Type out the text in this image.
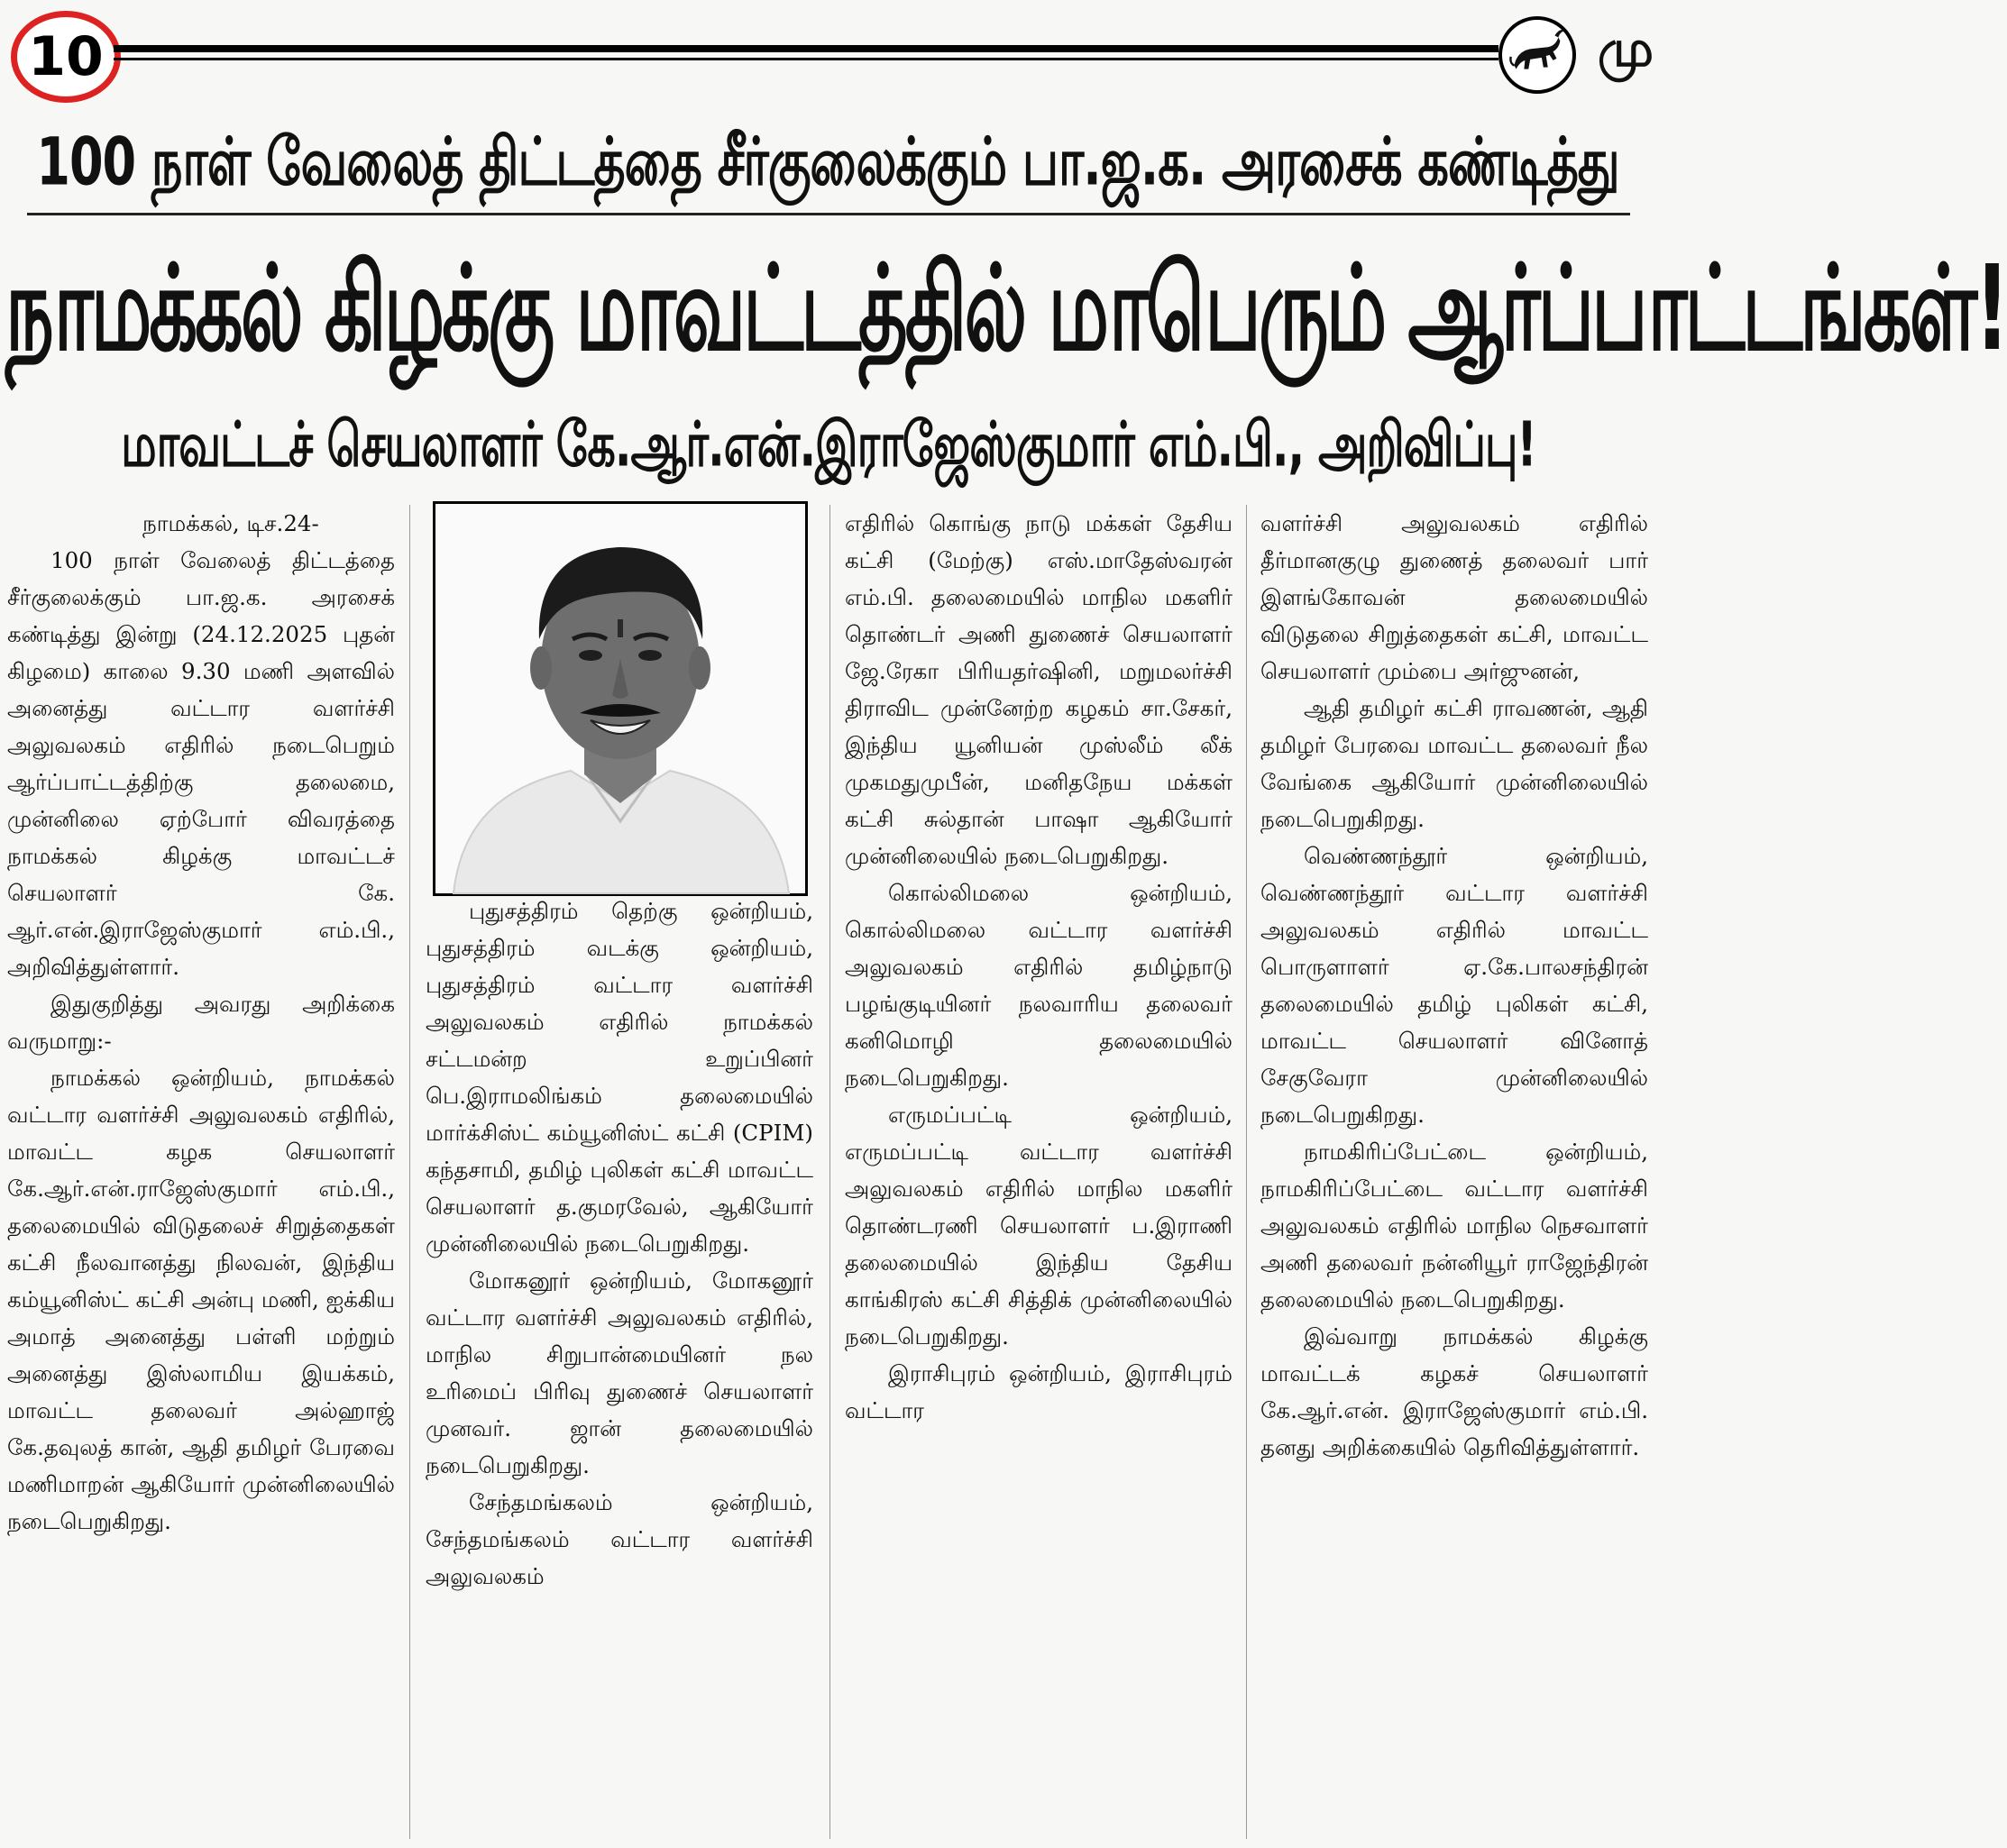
10	மு
100 நாள் வேலைத் திட்டத்தை சீர்குலைக்கும் பா.ஜ.க. அரசைக் கண்டித்து
நாமக்கல் கிழக்கு மாவட்டத்தில் மாபெரும் ஆர்ப்பாட்டங்கள்!
மாவட்டச் செயலாளர் கே.ஆர்.என்.இராஜேஸ்குமார் எம்.பி., அறிவிப்பு!

நாமக்கல், டிச.24-

100 நாள் வேலைத் திட்டத்தை சீர்குலைக்கும் பா.ஜ.க. அரசைக் கண்டித்து இன்று (24.12.2025 புதன் கிழமை) காலை 9.30 மணி அளவில் அனைத்து வட்டார வளர்ச்சி அலுவலகம் எதிரில் நடைபெறும் ஆர்ப்பாட்டத்திற்கு தலைமை, முன்னிலை ஏற்போர் விவரத்தை நாமக்கல் கிழக்கு மாவட்டச் செயலாளர் கே. ஆர்.என்.இராஜேஸ்குமார் எம்.பி., அறிவித்துள்ளார்.

இதுகுறித்து அவரது அறிக்கை வருமாறு:-

நாமக்கல் ஒன்றியம், நாமக்கல் வட்டார வளர்ச்சி அலுவலகம் எதிரில், மாவட்ட கழக செயலாளர் கே.ஆர்.என்.ராஜேஸ்குமார் எம்.பி., தலைமையில் விடுதலைச் சிறுத்தைகள் கட்சி நீலவானத்து நிலவன், இந்திய கம்யூனிஸ்ட் கட்சி அன்பு மணி, ஐக்கிய அமாத் அனைத்து பள்ளி மற்றும் அனைத்து இஸ்லாமிய இயக்கம், மாவட்ட தலைவர் அல்ஹாஜ் கே.தவுலத் கான், ஆதி தமிழர் பேரவை மணிமாறன் ஆகியோர் முன்னிலையில் நடைபெறுகிறது.

புதுசத்திரம் தெற்கு ஒன்றியம், புதுசத்திரம் வடக்கு ஒன்றியம், புதுசத்திரம் வட்டார வளர்ச்சி அலுவலகம் எதிரில் நாமக்கல் சட்டமன்ற உறுப்பினர் பெ.இராமலிங்கம் தலைமையில் மார்க்சிஸ்ட் கம்யூனிஸ்ட் கட்சி (CPIM) கந்தசாமி, தமிழ் புலிகள் கட்சி மாவட்ட செயலாளர் த.குமரவேல், ஆகியோர் முன்னிலையில் நடைபெறுகிறது.

மோகனூர் ஒன்றியம், மோகனூர் வட்டார வளர்ச்சி அலுவலகம் எதிரில், மாநில சிறுபான்மையினர் நல உரிமைப் பிரிவு துணைச் செயலாளர் முனவர். ஜான் தலைமையில் நடைபெறுகிறது.

சேந்தமங்கலம் ஒன்றியம், சேந்தமங்கலம் வட்டார வளர்ச்சி அலுவலகம்

எதிரில் கொங்கு நாடு மக்கள் தேசிய கட்சி (மேற்கு) எஸ்.மாதேஸ்வரன் எம்.பி. தலைமையில் மாநில மகளிர் தொண்டர் அணி துணைச் செயலாளர் ஜே.ரேகா பிரியதர்ஷினி, மறுமலர்ச்சி திராவிட முன்னேற்ற கழகம் சா.சேகர், இந்திய யூனியன் முஸ்லீம் லீக் முகமதுமுபீன், மனிதநேய மக்கள் கட்சி சுல்தான் பாஷா ஆகியோர் முன்னிலையில் நடைபெறுகிறது.

கொல்லிமலை ஒன்றியம், கொல்லிமலை வட்டார வளர்ச்சி அலுவலகம் எதிரில் தமிழ்நாடு பழங்குடியினர் நலவாரிய தலைவர் கனிமொழி தலைமையில் நடைபெறுகிறது.

எருமப்பட்டி ஒன்றியம், எருமப்பட்டி வட்டார வளர்ச்சி அலுவலகம் எதிரில் மாநில மகளிர் தொண்டரணி செயலாளர் ப.இராணி தலைமையில் இந்திய தேசிய காங்கிரஸ் கட்சி சித்திக் முன்னிலையில் நடைபெறுகிறது.

இராசிபுரம் ஒன்றியம், இராசிபுரம் வட்டார

வளர்ச்சி அலுவலகம் எதிரில் தீர்மானகுழு துணைத் தலைவர் பார் இளங்கோவன் தலைமையில் விடுதலை சிறுத்தைகள் கட்சி, மாவட்ட செயலாளர் மும்பை அர்ஜுனன்,

ஆதி தமிழர் கட்சி ராவணன், ஆதி தமிழர் பேரவை மாவட்ட தலைவர் நீல வேங்கை ஆகியோர் முன்னிலையில் நடைபெறுகிறது.

வெண்ணந்தூர் ஒன்றியம், வெண்ணந்தூர் வட்டார வளர்ச்சி அலுவலகம் எதிரில் மாவட்ட பொருளாளர் ஏ.கே.பாலசந்திரன் தலைமையில் தமிழ் புலிகள் கட்சி, மாவட்ட செயலாளர் வினோத் சேகுவேரா முன்னிலையில் நடைபெறுகிறது.

நாமகிரிப்பேட்டை ஒன்றியம், நாமகிரிப்பேட்டை வட்டார வளர்ச்சி அலுவலகம் எதிரில் மாநில நெசவாளர் அணி தலைவர் நன்னியூர் ராஜேந்திரன் தலைமையில் நடைபெறுகிறது.

இவ்வாறு நாமக்கல் கிழக்கு மாவட்டக் கழகச் செயலாளர் கே.ஆர்.என். இராஜேஸ்குமார் எம்.பி. தனது அறிக்கையில் தெரிவித்துள்ளார்.
